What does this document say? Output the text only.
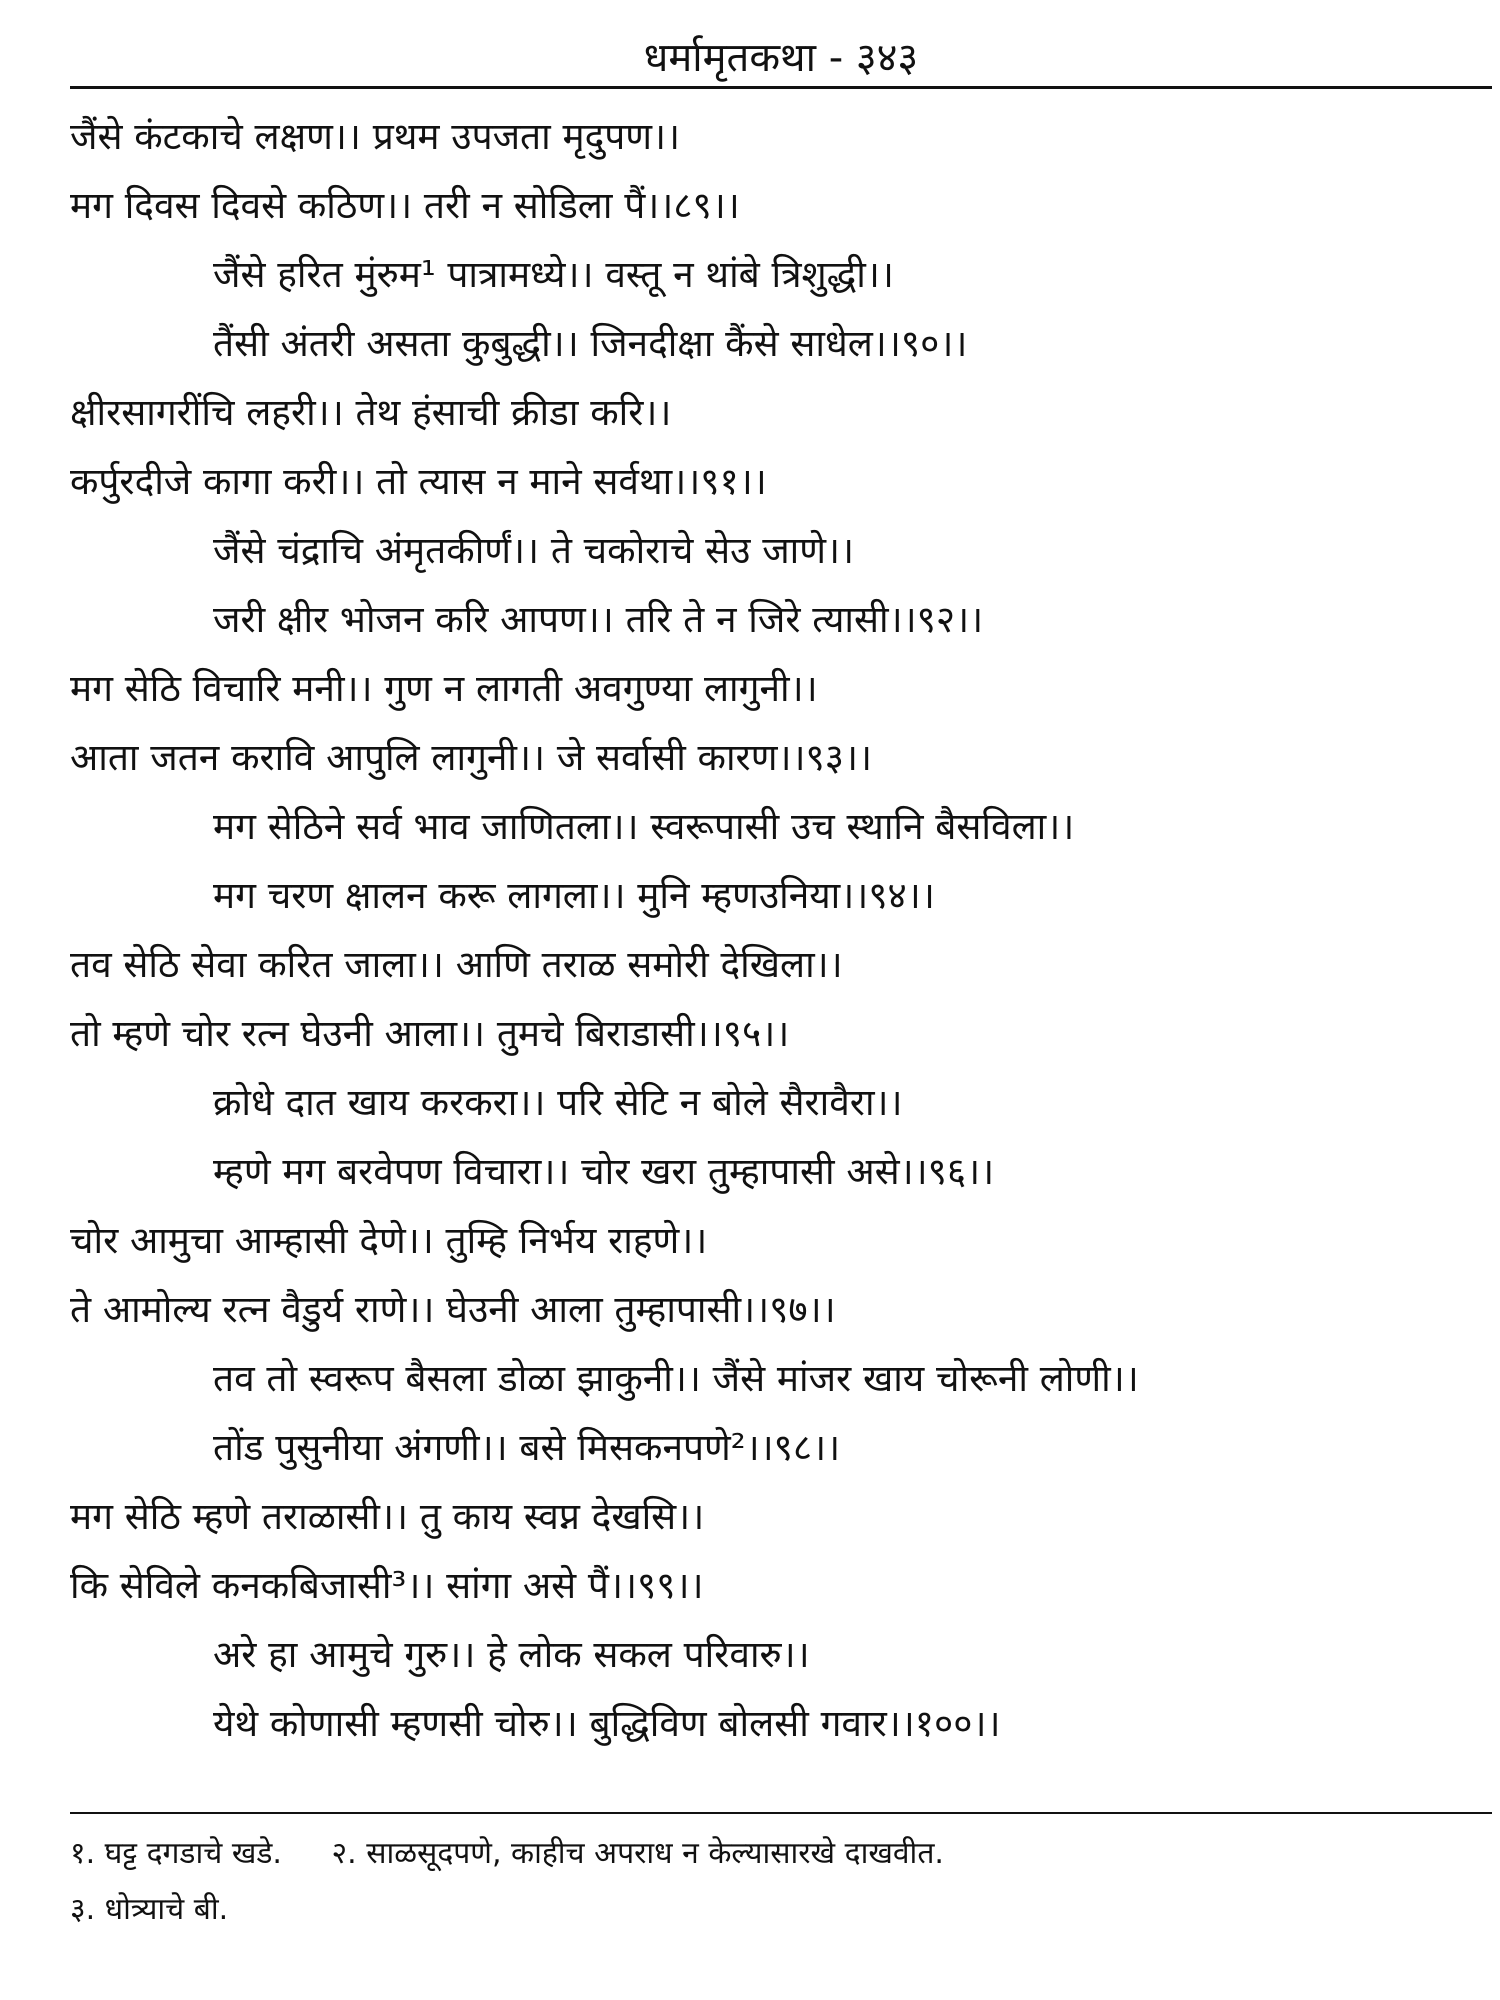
धर्मामृतकथा - ३४३
जैंसे कंटकाचे लक्षण।। प्रथम उपजता मृदुपण।।
मग दिवस दिवसे कठिण।। तरी न सोडिला पैं।।८९।।
जैंसे हरित मुंरुम¹ पात्रामध्ये।। वस्तू न थांबे त्रिशुद्धी।।
तैंसी अंतरी असता कुबुद्धी।। जिनदीक्षा कैंसे साधेल।।९०।।
क्षीरसागरींचि लहरी।। तेथ हंसाची क्रीडा करि।।
कर्पुरदीजे कागा करी।। तो त्यास न माने सर्वथा।।९१।।
जैंसे चंद्राचि अंमृतकीर्णं।। ते चकोराचे सेउ जाणे।।
जरी क्षीर भोजन करि आपण।। तरि ते न जिरे त्यासी।।९२।।
मग सेठि विचारि मनी।। गुण न लागती अवगुण्या लागुनी।।
आता जतन करावि आपुलि लागुनी।। जे सर्वासी कारण।।९३।।
मग सेठिने सर्व भाव जाणितला।। स्वरूपासी उच स्थानि बैसविला।।
मग चरण क्षालन करू लागला।। मुनि म्हणउनिया।।९४।।
तव सेठि सेवा करित जाला।। आणि तराळ समोरी देखिला।।
तो म्हणे चोर रत्न घेउनी आला।। तुमचे बिराडासी।।९५।।
क्रोधे दात खाय करकरा।। परि सेटि न बोले सैरावैरा।।
म्हणे मग बरवेपण विचारा।। चोर खरा तुम्हापासी असे।।९६।।
चोर आमुचा आम्हासी देणे।। तुम्हि निर्भय राहणे।।
ते आमोल्य रत्न वैडुर्य राणे।। घेउनी आला तुम्हापासी।।९७।।
तव तो स्वरूप बैसला डोळा झाकुनी।। जैंसे मांजर खाय चोरूनी लोणी।।
तोंड पुसुनीया अंगणी।। बसे मिसकनपणे²।।९८।।
मग सेठि म्हणे तराळासी।। तु काय स्वप्न देखसि।।
कि सेविले कनकबिजासी³।। सांगा असे पैं।।९९।।
अरे हा आमुचे गुरु।। हे लोक सकल परिवारु।।
येथे कोणासी म्हणसी चोरु।। बुद्धिविण बोलसी गवार।।१००।।
१. घट्ट दगडाचे खडे. २. साळसूदपणे, काहीच अपराध न केल्यासारखे दाखवीत.
३. धोत्र्याचे बी.
